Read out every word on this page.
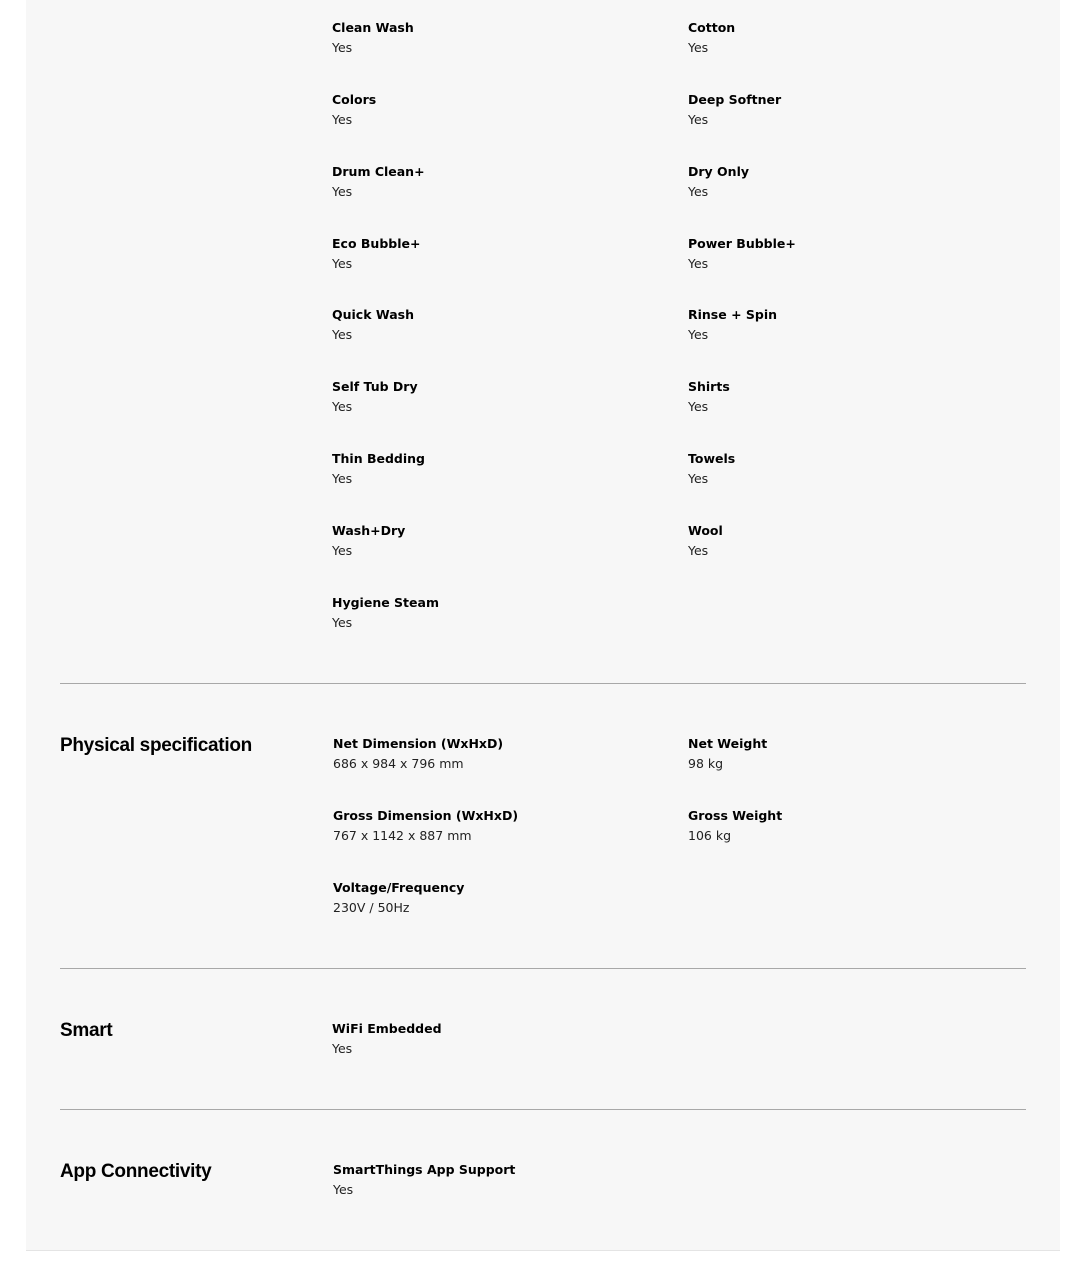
Clean Wash
Yes
Cotton
Yes
Colors
Yes
Deep Softner
Yes
Drum Clean+
Yes
Dry Only
Yes
Eco Bubble+
Yes
Power Bubble+
Yes
Quick Wash
Yes
Rinse + Spin
Yes
Self Tub Dry
Yes
Shirts
Yes
Thin Bedding
Yes
Towels
Yes
Wash+Dry
Yes
Wool
Yes
Hygiene Steam
Yes
Physical specification	Net Dimension (WxHxD)
686 x 984 x 796 mm
Net Weight
98 kg
Gross Dimension (WxHxD)
767 x 1142 x 887 mm
Gross Weight
106 kg
Voltage/Frequency
230V / 50Hz
Smart	WiFi Embedded
Yes
App Connectivity	SmartThings App Support
Yes
